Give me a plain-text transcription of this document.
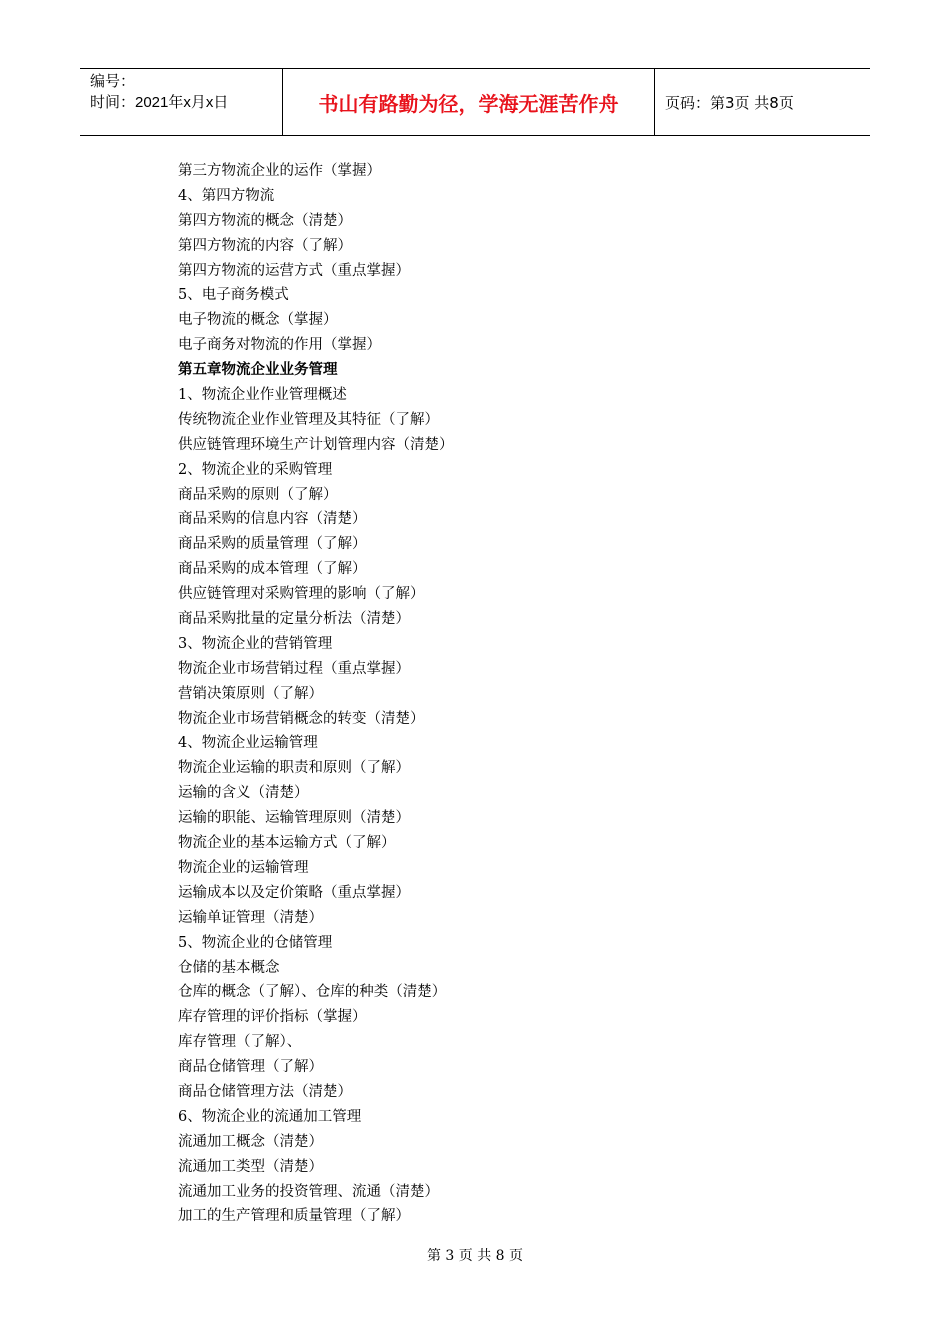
编号：
时间：2021年x月x日	书山有路勤为径，学海无涯苦作舟	页码：第3页 共8页
第三方物流企业的运作（掌握）
4、第四方物流
第四方物流的概念（清楚）
第四方物流的内容（了解）
第四方物流的运营方式（重点掌握）
5、电子商务模式
电子物流的概念（掌握）
电子商务对物流的作用（掌握）
第五章物流企业业务管理
1、物流企业作业管理概述
传统物流企业作业管理及其特征（了解）
供应链管理环境生产计划管理内容（清楚）
2、物流企业的采购管理
商品采购的原则（了解）
商品采购的信息内容（清楚）
商品采购的质量管理（了解）
商品采购的成本管理（了解）
供应链管理对采购管理的影响（了解）
商品采购批量的定量分析法（清楚）
3、物流企业的营销管理
物流企业市场营销过程（重点掌握）
营销决策原则（了解）
物流企业市场营销概念的转变（清楚）
4、物流企业运输管理
物流企业运输的职责和原则（了解）
运输的含义（清楚）
运输的职能、运输管理原则（清楚）
物流企业的基本运输方式（了解）
物流企业的运输管理
运输成本以及定价策略（重点掌握）
运输单证管理（清楚）
5、物流企业的仓储管理
仓储的基本概念
仓库的概念（了解）、仓库的种类（清楚）
库存管理的评价指标（掌握）
库存管理（了解）、
商品仓储管理（了解）
商品仓储管理方法（清楚）
6、物流企业的流通加工管理
流通加工概念（清楚）
流通加工类型（清楚）
流通加工业务的投资管理、流通（清楚）
加工的生产管理和质量管理（了解）
第 3 页 共 8 页
